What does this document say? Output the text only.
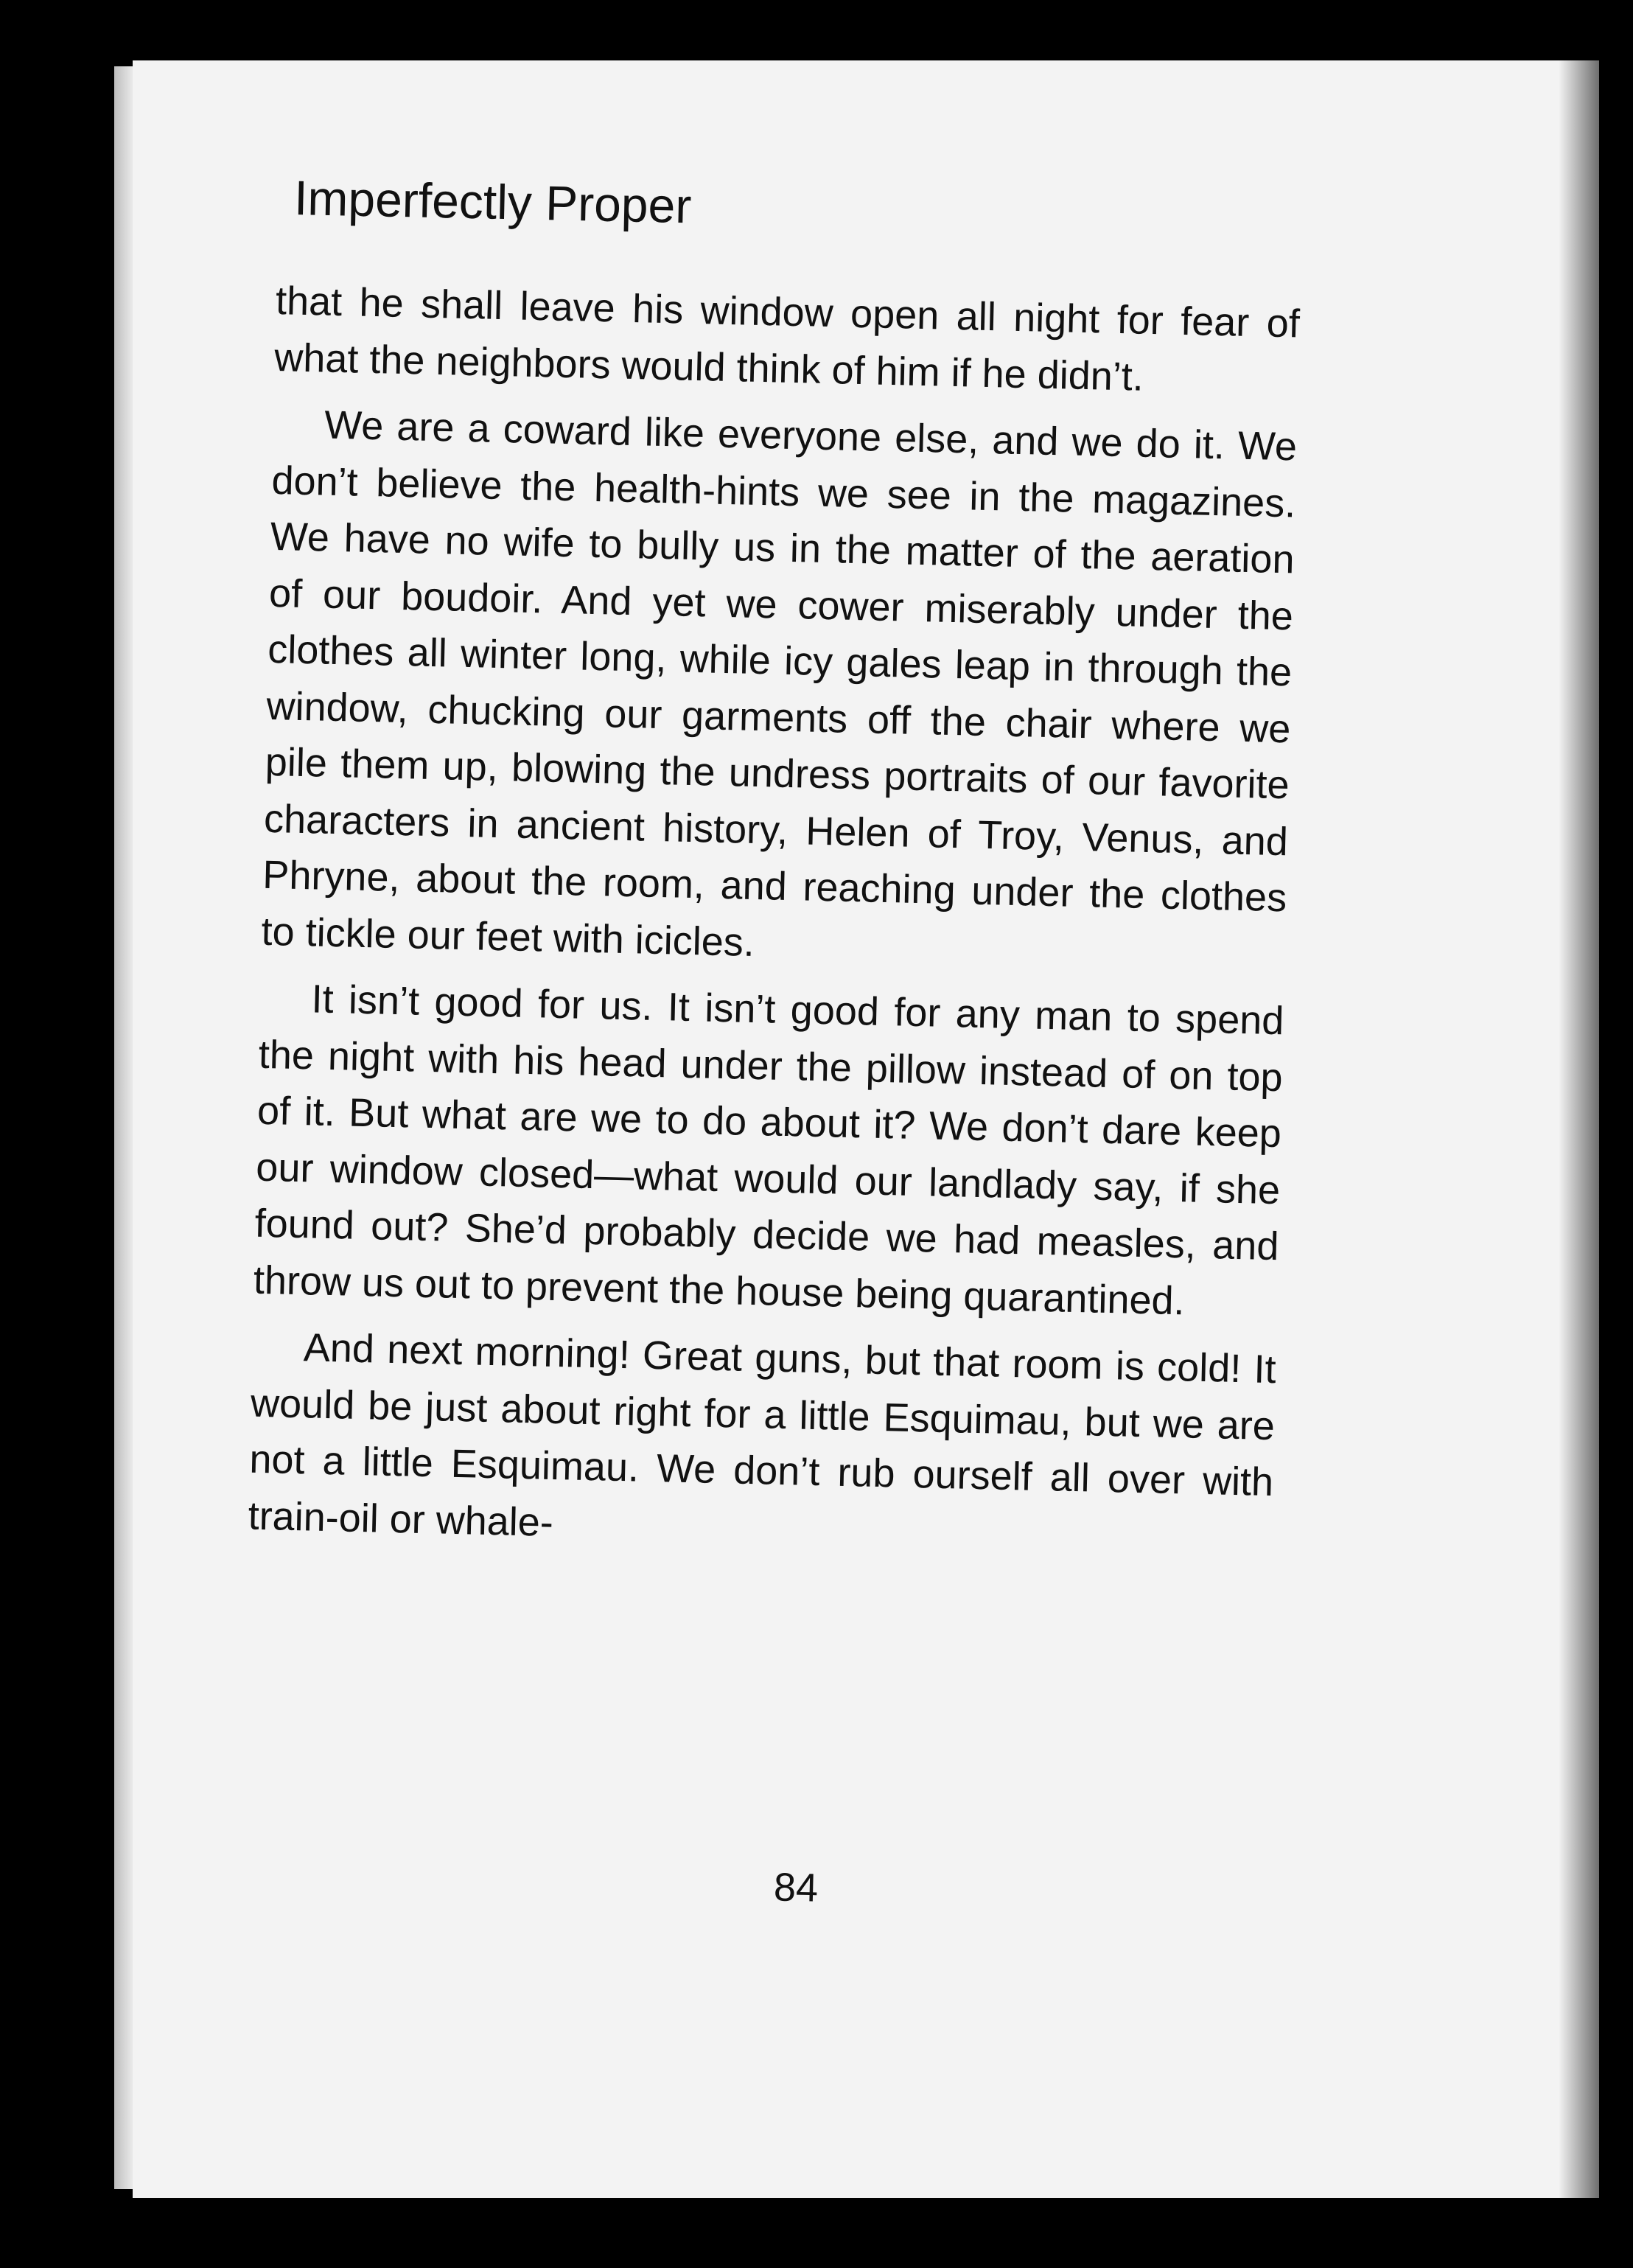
Imperfectly Proper

that he shall leave his window open all night for fear of what the neighbors would think of him if he didn’t.

We are a coward like everyone else, and we do it. We don’t believe the health-hints we see in the magazines. We have no wife to bully us in the matter of the aeration of our boudoir. And yet we cower miserably under the clothes all winter long, while icy gales leap in through the window, chucking our garments off the chair where we pile them up, blowing the undress portraits of our favorite characters in ancient history, Helen of Troy, Venus, and Phryne, about the room, and reaching under the clothes to tickle our feet with icicles.

It isn’t good for us. It isn’t good for any man to spend the night with his head under the pillow instead of on top of it. But what are we to do about it? We don’t dare keep our window closed—what would our landlady say, if she found out? She’d probably decide we had measles, and throw us out to prevent the house being quarantined.

And next morning! Great guns, but that room is cold! It would be just about right for a little Esquimau, but we are not a little Esquimau. We don’t rub ourself all over with train-oil or whale-

84
